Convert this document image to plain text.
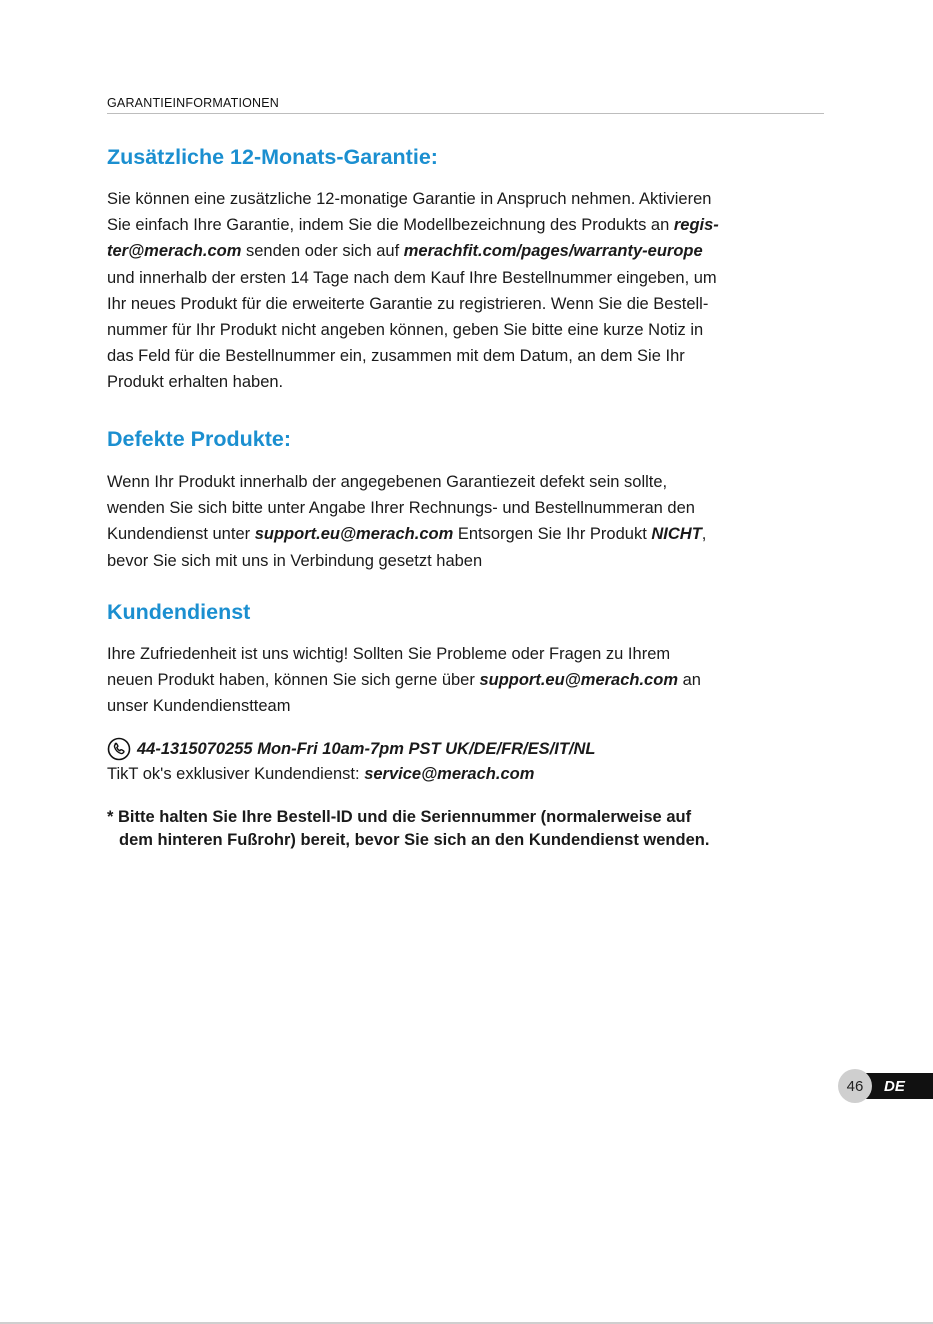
GARANTIEINFORMATIONEN
Zusätzliche 12-Monats-Garantie:

Sie können eine zusätzliche 12-monatige Garantie in Anspruch nehmen. Aktivieren
Sie einfach Ihre Garantie, indem Sie die Modellbezeichnung des Produkts an regis-
ter@merach.com senden oder sich auf merachfit.com/pages/warranty-europe
und innerhalb der ersten 14 Tage nach dem Kauf Ihre Bestellnummer eingeben, um
Ihr neues Produkt für die erweiterte Garantie zu registrieren. Wenn Sie die Bestell-
nummer für Ihr Produkt nicht angeben können, geben Sie bitte eine kurze Notiz in
das Feld für die Bestellnummer ein, zusammen mit dem Datum, an dem Sie Ihr
Produkt erhalten haben.

Defekte Produkte:

Wenn Ihr Produkt innerhalb der angegebenen Garantiezeit defekt sein sollte,
wenden Sie sich bitte unter Angabe Ihrer Rechnungs- und Bestellnummeran den
Kundendienst unter support.eu@merach.com Entsorgen Sie Ihr Produkt NICHT,
bevor Sie sich mit uns in Verbindung gesetzt haben

Kundendienst

Ihre Zufriedenheit ist uns wichtig! Sollten Sie Probleme oder Fragen zu Ihrem
neuen Produkt haben, können Sie sich gerne über support.eu@merach.com an
unser Kundendienstteam

44-1315070255 Mon-Fri 10am-7pm PST UK/DE/FR/ES/IT/NL
TikT ok's exklusiver Kundendienst: service@merach.com

* Bitte halten Sie Ihre Bestell-ID und die Seriennummer (normalerweise auf

dem hinteren Fußrohr) bereit, bevor Sie sich an den Kundendienst wenden.

DE
46
